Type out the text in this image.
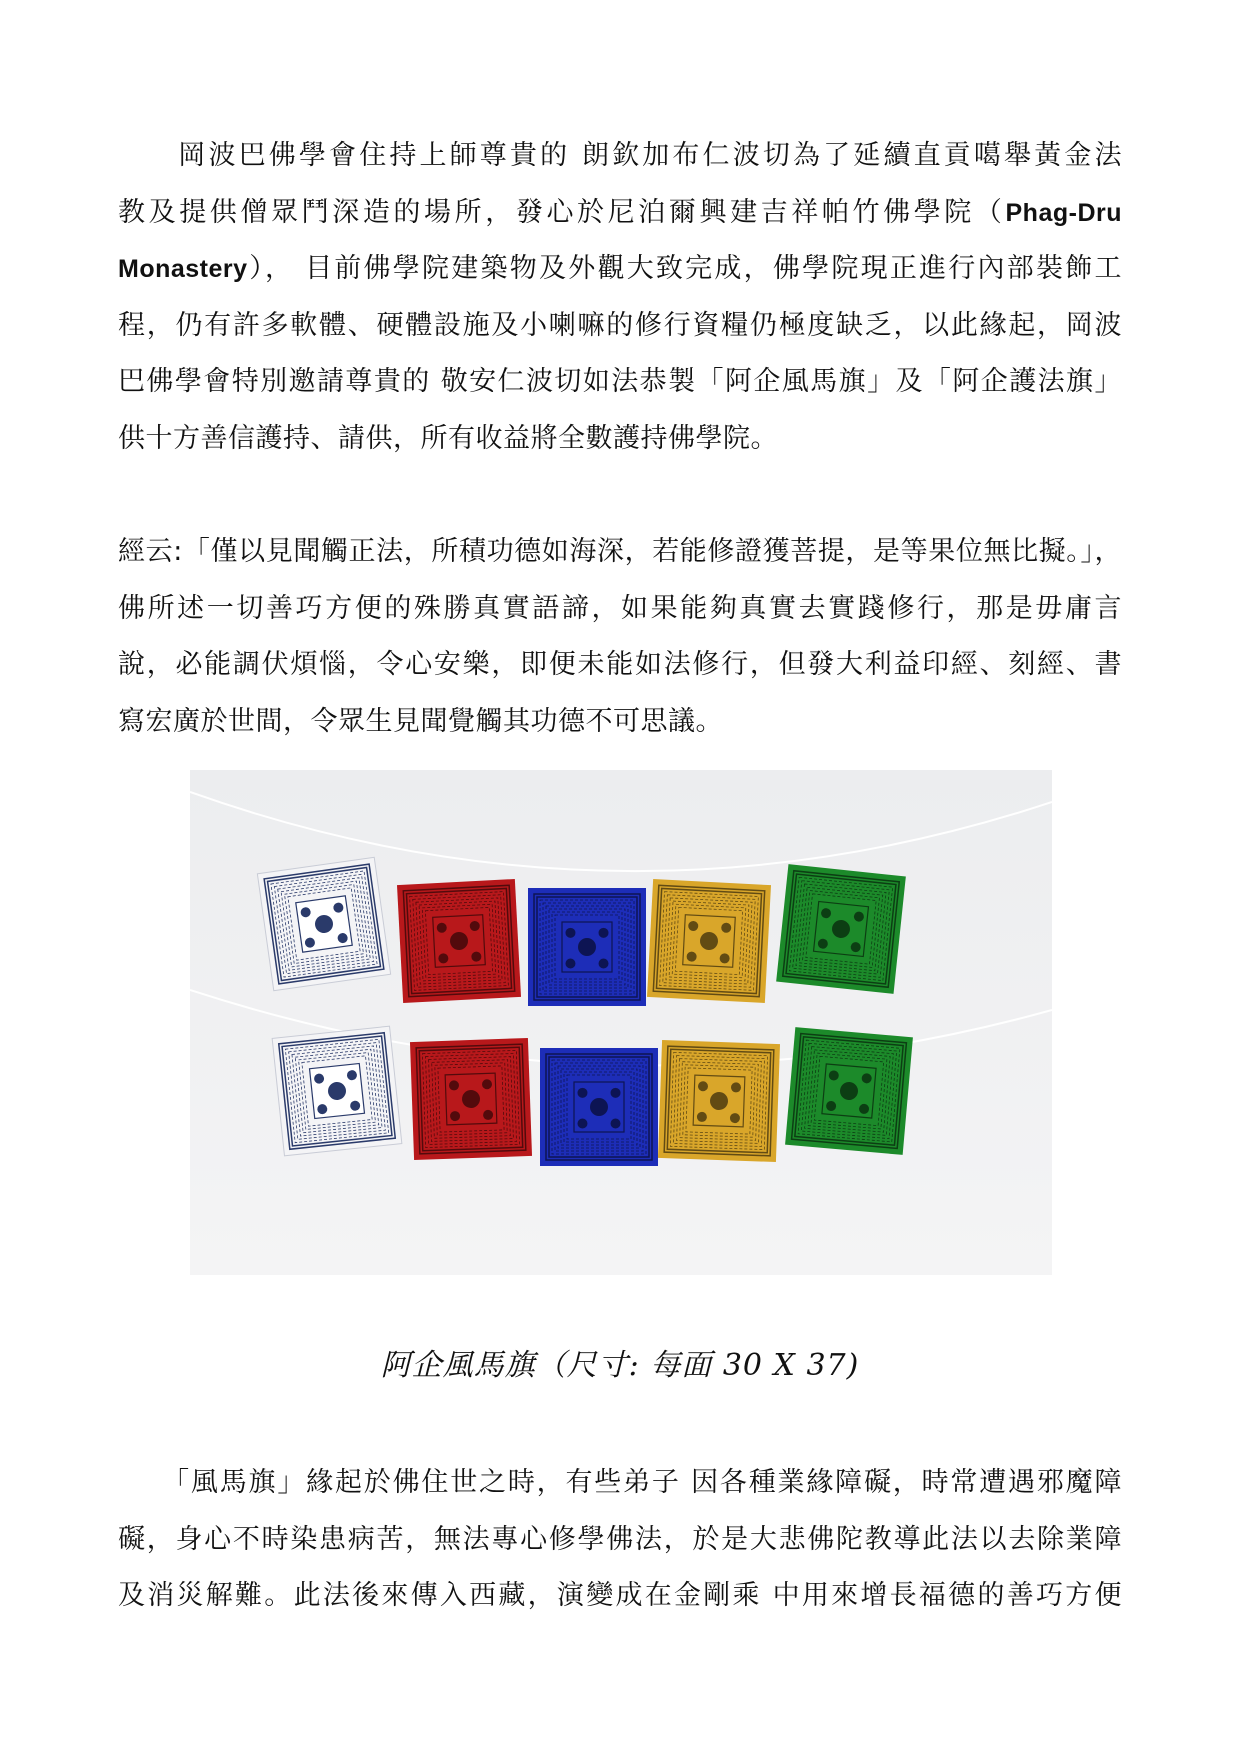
　　岡波巴佛學會住持上師尊貴的 朗欽加布仁波切為了延續直貢噶舉黃金法
教及提供僧眾鬥深造的場所，發心於尼泊爾興建吉祥帕竹佛學院（Phag-Dru
Monastery）， 目前佛學院建築物及外觀大致完成，佛學院現正進行內部裝飾工
程，仍有許多軟體、硬體設施及小喇嘛的修行資糧仍極度缺乏，以此緣起，岡波
巴佛學會特別邀請尊貴的 敬安仁波切如法恭製「阿企風馬旗」及「阿企護法旗」
供十方善信護持、請供，所有收益將全數護持佛學院。
經云:「僅以見聞觸正法，所積功德如海深，若能修證獲菩提，是等果位無比擬。」，
佛所述一切善巧方便的殊勝真實語諦，如果能夠真實去實踐修行，那是毋庸言
說，必能調伏煩惱，令心安樂，即便未能如法修行，但發大利益印經、刻經、書
寫宏廣於世間，令眾生見聞覺觸其功德不可思議。
阿企風馬旗（尺寸: 每面 30 X 37)
　　「風馬旗」緣起於佛住世之時，有些弟子 因各種業緣障礙，時常遭遇邪魔障
礙，身心不時染患病苦，無法專心修學佛法，於是大悲佛陀教導此法以去除業障
及消災解難。此法後來傳入西藏，演變成在金剛乘 中用來增長福德的善巧方便
